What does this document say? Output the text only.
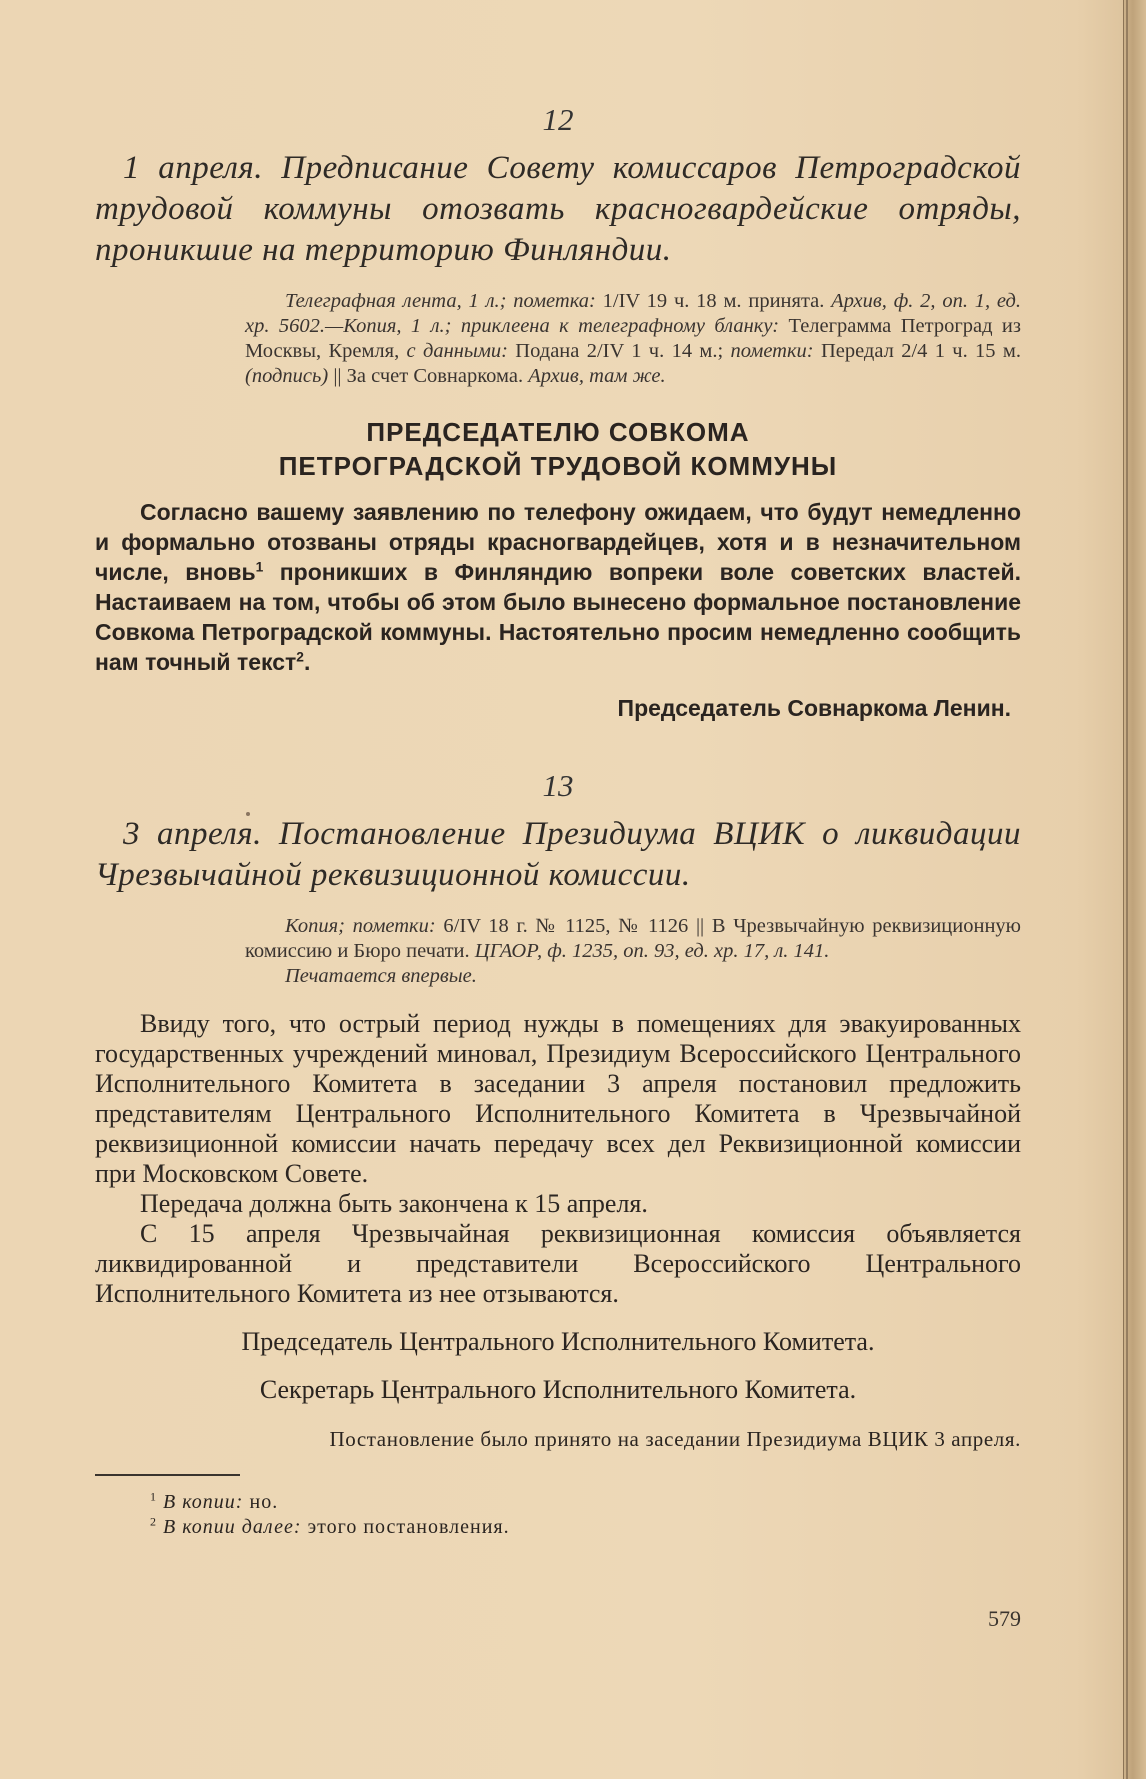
12

1 апреля. Предписание Совету комиссаров Петроградской трудовой коммуны отозвать красногвардейские отряды, проникшие на территорию Финляндии.

Телеграфная лента, 1 л.; пометка: 1/IV 19 ч. 18 м. принята. Архив, ф. 2, оп. 1, ед. хр. 5602.—Копия, 1 л.; приклеена к телеграфному бланку: Телеграмма Петроград из Москвы, Кремля, с данными: Подана 2/IV 1 ч. 14 м.; пометки: Передал 2/4 1 ч. 15 м. (подпись) || За счет Совнаркома. Архив, там же.

ПРЕДСЕДАТЕЛЮ СОВКОМА
ПЕТРОГРАДСКОЙ ТРУДОВОЙ КОММУНЫ

Согласно вашему заявлению по телефону ожидаем, что будут немедленно и формально отозваны отряды красногвардейцев, хотя и в незначительном числе, вновь$^1$ проникших в Финляндию вопреки воле советских властей. Настаиваем на том, чтобы об этом было вынесено формальное постановление Совкома Петроградской коммуны. Настоятельно просим немедленно сообщить нам точный текст$^2$.

Председатель Совнаркома Ленин.
13

3 апреля. Постановление Президиума ВЦИК о ликвидации Чрезвычайной реквизиционной комиссии.

Копия; пометки: 6/IV 18 г. № 1125, № 1126 || В Чрезвычайную реквизиционную комиссию и Бюро печати. ЦГАОР, ф. 1235, оп. 93, ед. хр. 17, л. 141.

Печатается впервые.

Ввиду того, что острый период нужды в помещениях для эвакуированных государственных учреждений миновал, Президиум Всероссийского Центрального Исполнительного Комитета в заседании 3 апреля постановил предложить представителям Центрального Исполнительного Комитета в Чрезвычайной реквизиционной комиссии начать передачу всех дел Реквизиционной комиссии при Московском Совете.

Передача должна быть закончена к 15 апреля.

С 15 апреля Чрезвычайная реквизиционная комиссия объявляется ликвидированной и представители Всероссийского Центрального Исполнительного Комитета из нее отзываются.

Председатель Центрального Исполнительного Комитета.
Секретарь Центрального Исполнительного Комитета.
Постановление было принято на заседании Президиума ВЦИК 3 апреля.

$^1$ В копии: но.

$^2$ В копии далее: этого постановления.

579
